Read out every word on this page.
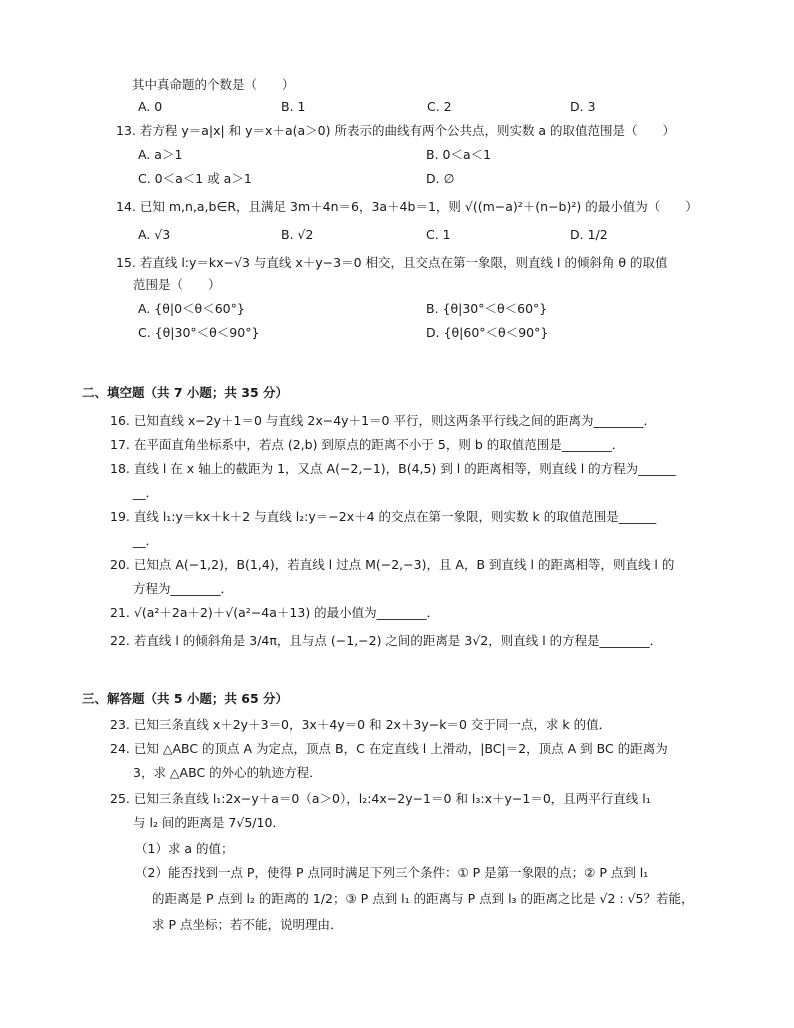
其中真命题的个数是（　　）
A. 0	B. 1	C. 2	D. 3
13. 若方程 y＝a|x| 和 y＝x＋a(a＞0) 所表示的曲线有两个公共点，则实数 a 的取值范围是（　　）
A. a＞1	B. 0＜a＜1
C. 0＜a＜1 或 a＞1	D. ∅
14. 已知 m,n,a,b∈R，且满足 3m＋4n＝6，3a＋4b＝1，则 √((m−a)²＋(n−b)²) 的最小值为（　　）
A. √3	B. √2	C. 1	D. 1/2
15. 若直线 l:y＝kx−√3 与直线 x＋y−3＝0 相交，且交点在第一象限，则直线 l 的倾斜角 θ 的取值
范围是（　　）
A. {θ|0＜θ＜60°}	B. {θ|30°＜θ＜60°}
C. {θ|30°＜θ＜90°}	D. {θ|60°＜θ＜90°}
二、填空题（共 7 小题；共 35 分）
16. 已知直线 x−2y＋1＝0 与直线 2x−4y＋1＝0 平行，则这两条平行线之间的距离为________．
17. 在平面直角坐标系中，若点 (2,b) 到原点的距离不小于 5，则 b 的取值范围是________．
18. 直线 l 在 x 轴上的截距为 1，又点 A(−2,−1)，B(4,5) 到 l 的距离相等，则直线 l 的方程为______
__．
19. 直线 l₁:y＝kx＋k＋2 与直线 l₂:y＝−2x＋4 的交点在第一象限，则实数 k 的取值范围是______
__．
20. 已知点 A(−1,2)，B(1,4)，若直线 l 过点 M(−2,−3)，且 A，B 到直线 l 的距离相等，则直线 l 的
方程为________．
21. √(a²＋2a＋2)＋√(a²−4a＋13) 的最小值为________．
22. 若直线 l 的倾斜角是 3/4π，且与点 (−1,−2) 之间的距离是 3√2，则直线 l 的方程是________．
三、解答题（共 5 小题；共 65 分）
23. 已知三条直线 x＋2y＋3＝0，3x＋4y＝0 和 2x＋3y−k＝0 交于同一点，求 k 的值．
24. 已知 △ABC 的顶点 A 为定点，顶点 B，C 在定直线 l 上滑动，|BC|＝2，顶点 A 到 BC 的距离为
3，求 △ABC 的外心的轨迹方程．
25. 已知三条直线 l₁:2x−y＋a＝0（a＞0），l₂:4x−2y−1＝0 和 l₃:x＋y−1＝0，且两平行直线 l₁
与 l₂ 间的距离是 7√5/10．
（1）求 a 的值；
（2）能否找到一点 P，使得 P 点同时满足下列三个条件：① P 是第一象限的点；② P 点到 l₁
的距离是 P 点到 l₂ 的距离的 1/2；③ P 点到 l₁ 的距离与 P 点到 l₃ 的距离之比是 √2 : √5？若能，
求 P 点坐标；若不能，说明理由．
